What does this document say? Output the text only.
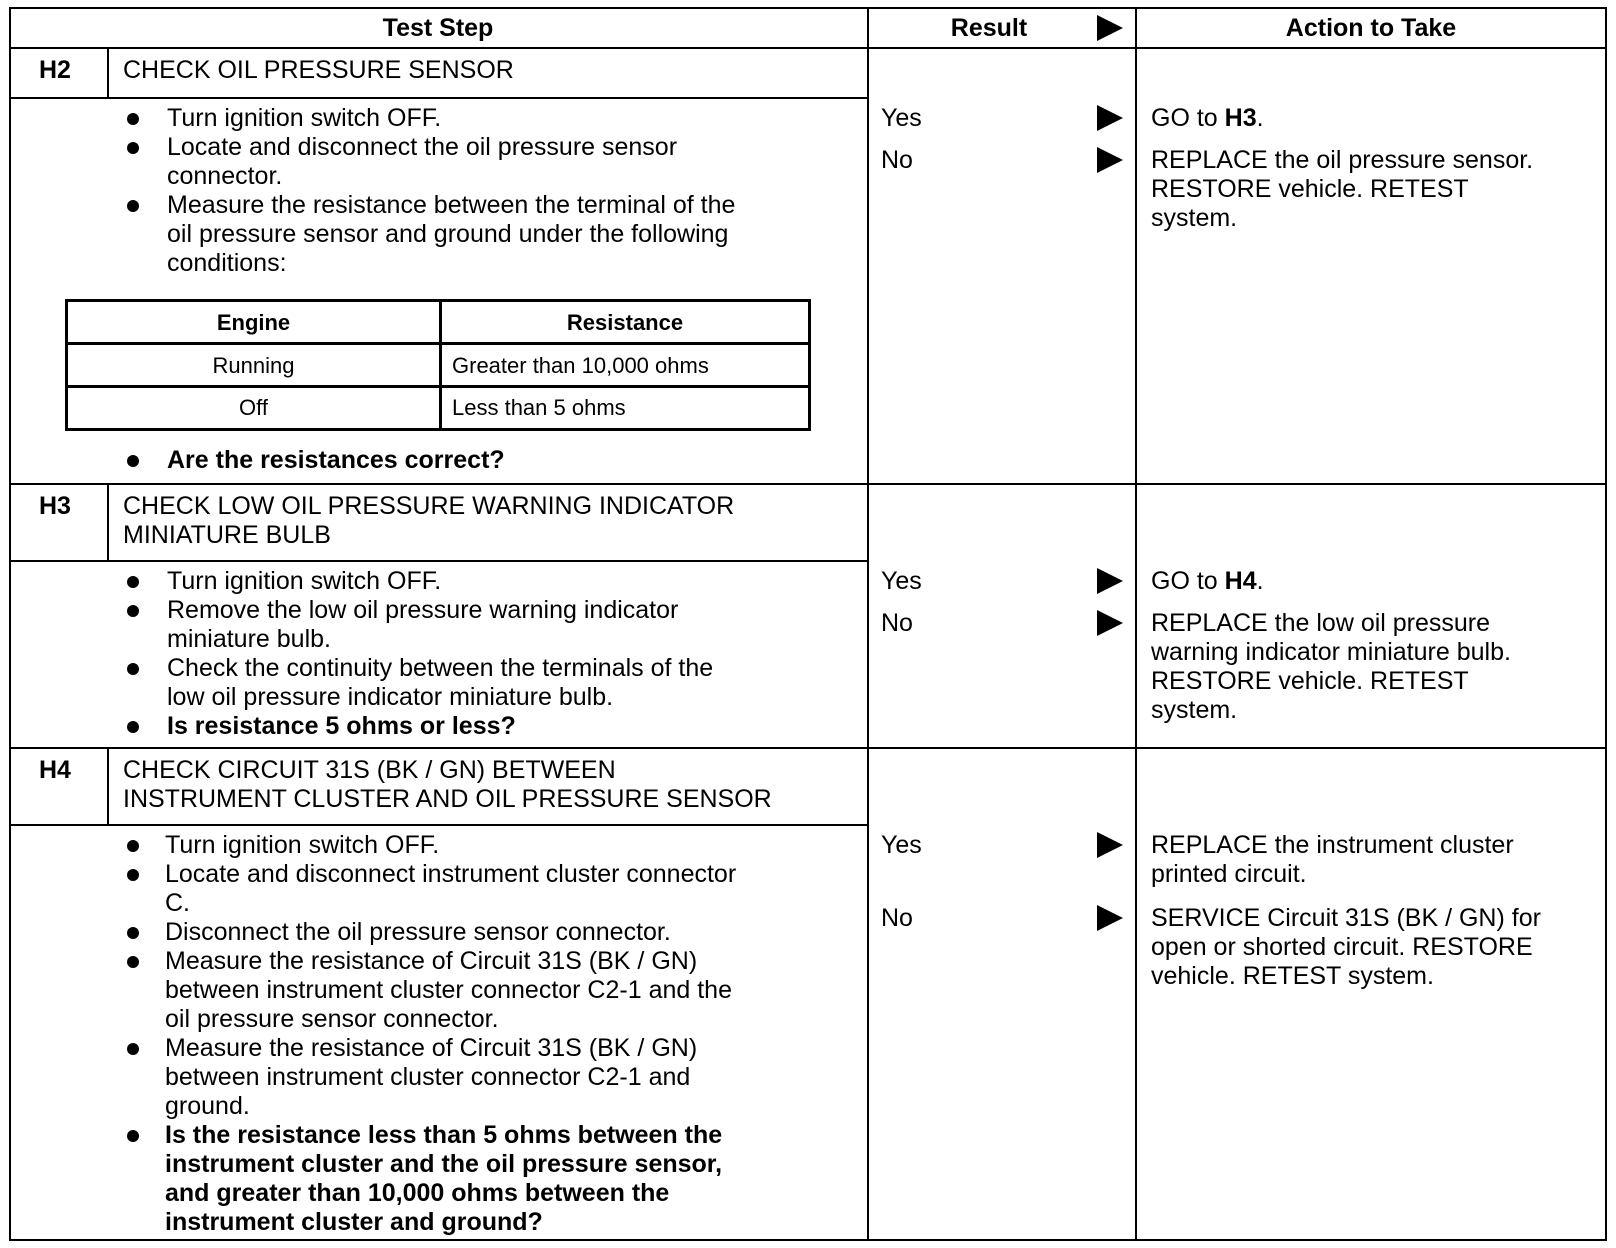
Test Step	Result	Action to Take
H2 CHECK OIL PRESSURE SENSOR
Turn ignition switch OFF.
Locate and disconnect the oil pressure sensor
connector.
Measure the resistance between the terminal of the
oil pressure sensor and ground under the following
conditions:
Engine	Resistance
Running	Greater than 10,000 ohms
Off	Less than 5 ohms
Are the resistances correct?
Yes	GO to H3.
No	REPLACE the oil pressure sensor.
RESTORE vehicle. RETEST
system.
H3 CHECK LOW OIL PRESSURE WARNING INDICATOR
MINIATURE BULB
Turn ignition switch OFF.
Remove the low oil pressure warning indicator
miniature bulb.
Check the continuity between the terminals of the
low oil pressure indicator miniature bulb.
Is resistance 5 ohms or less?
Yes	GO to H4.
No	REPLACE the low oil pressure
warning indicator miniature bulb.
RESTORE vehicle. RETEST
system.
H4 CHECK CIRCUIT 31S (BK / GN) BETWEEN
INSTRUMENT CLUSTER AND OIL PRESSURE SENSOR
Turn ignition switch OFF.
Locate and disconnect instrument cluster connector
C.
Disconnect the oil pressure sensor connector.
Measure the resistance of Circuit 31S (BK / GN)
between instrument cluster connector C2-1 and the
oil pressure sensor connector.
Measure the resistance of Circuit 31S (BK / GN)
between instrument cluster connector C2-1 and
ground.
Is the resistance less than 5 ohms between the
instrument cluster and the oil pressure sensor,
and greater than 10,000 ohms between the
instrument cluster and ground?
Yes	REPLACE the instrument cluster
printed circuit.
No	SERVICE Circuit 31S (BK / GN) for
open or shorted circuit. RESTORE
vehicle. RETEST system.
